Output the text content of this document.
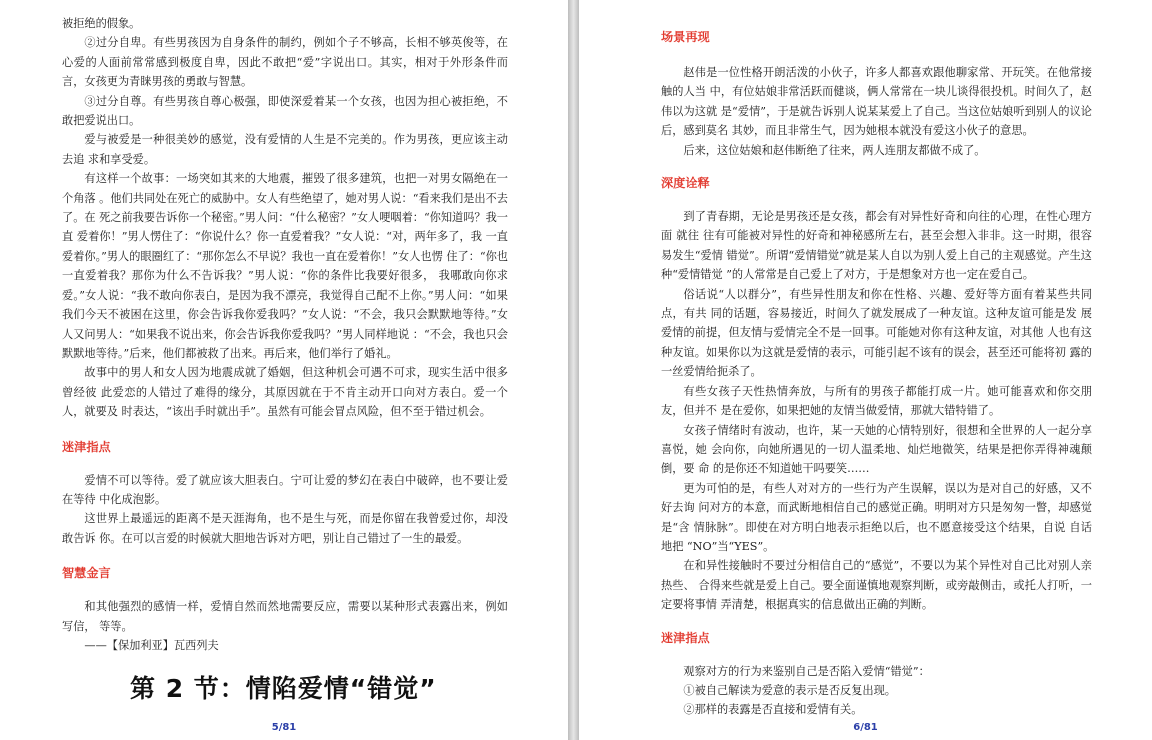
被拒绝的假象。

②过分自卑。有些男孩因为自身条件的制约，例如个子不够高，长相不够英俊等，在 心爱的人面前常常感到极度自卑，因此不敢把“爱”字说出口。其实，相对于外形条件而言，女孩更为青睐男孩的勇敢与智慧。

③过分自尊。有些男孩自尊心极强，即使深爱着某一个女孩，也因为担心被拒绝，不敢把爱说出口。

爱与被爱是一种很美妙的感觉，没有爱情的人生是不完美的。作为男孩，更应该主动去追 求和享受爱。

有这样一个故事：一场突如其来的大地震，摧毁了很多建筑，也把一对男女隔绝在一个角落 。他们共同处在死亡的威胁中。女人有些绝望了，她对男人说：“看来我们是出不去了。在 死之前我要告诉你一个秘密。”男人问：“什么秘密？”女人哽咽着：“你知道吗？我一直 爱着你！”男人愣住了：“你说什么？你一直爱着我？”女人说：“对，两年多了，我 一直爱着你。”男人的眼圈红了：“那你怎么不早说？我也一直在爱着你！”女人也愣 住了：“你也一直爱着我？那你为什么不告诉我？”男人说：“你的条件比我要好很多， 我哪敢向你求爱。”女人说：“我不敢向你表白，是因为我不漂亮，我觉得自己配不上你。”男人问：“如果我们今天不被困在这里，你会告诉我你爱我吗？”女人说：“不会，我只会默默地等待。”女人又问男人：“如果我不说出来，你会告诉我你爱我吗？”男人同样地说 ：“不会，我也只会默默地等待。”后来，他们都被救了出来。再后来，他们举行了婚礼。

故事中的男人和女人因为地震成就了婚姻，但这种机会可遇不可求，现实生活中很多曾经彼 此爱恋的人错过了难得的缘分，其原因就在于不肯主动开口向对方表白。爱一个人，就要及 时表达，“该出手时就出手”。虽然有可能会冒点风险，但不至于错过机会。

迷津指点

爱情不可以等待。爱了就应该大胆表白。宁可让爱的梦幻在表白中破碎，也不要让爱在等待 中化成泡影。

这世界上最遥远的距离不是天涯海角，也不是生与死，而是你留在我曾爱过你，却没敢告诉 你。在可以言爱的时候就大胆地告诉对方吧，别让自己错过了一生的最爱。

智慧金言

和其他强烈的感情一样，爱情自然而然地需要反应，需要以某种形式表露出来，例如写信， 等等。

——【保加利亚】瓦西列夫

第 2 节：情陷爱情“错觉”
5/81
场景再现

赵伟是一位性格开朗活泼的小伙子，许多人都喜欢跟他聊家常、开玩笑。在他常接 触的人当 中，有位姑娘非常活跃而健谈，俩人常常在一块儿谈得很投机。时间久了，赵伟以为这就 是“爱情”，于是就告诉别人说某某爱上了自己。当这位姑娘听到别人的议论后，感到莫名 其妙，而且非常生气，因为她根本就没有爱这小伙子的意思。

后来，这位姑娘和赵伟断绝了往来，两人连朋友都做不成了。

深度诠释

到了青春期，无论是男孩还是女孩，都会有对异性好奇和向往的心理，在性心理方面 就往 往有可能被对异性的好奇和神秘感所左右，甚至会想入非非。这一时期，很容易发生“爱情 错觉”。所谓“爱情错觉”就是某人自以为别人爱上自己的主观感觉。产生这种“爱情错觉 ”的人常常是自己爱上了对方，于是想象对方也一定在爱自己。

俗话说“人以群分”，有些异性朋友和你在性格、兴趣、爱好等方面有着某些共同点，有共 同的话题，容易接近，时间久了就发展成了一种友谊。这种友谊可能是发 展爱情的前提，但友情与爱情完全不是一回事。可能她对你有这种友谊，对其他 人也有这种友谊。如果你以为这就是爱情的表示，可能引起不该有的误会，甚至还可能将初 露的一丝爱情给扼杀了。

有些女孩子天性热情奔放，与所有的男孩子都能打成一片。她可能喜欢和你交朋友，但并不 是在爱你，如果把她的友情当做爱情，那就大错特错了。

女孩子情绪时有波动，也许，某一天她的心情特别好，很想和全世界的人一起分享喜悦，她 会向你，向她所遇见的一切人温柔地、灿烂地微笑，结果是把你弄得神魂颠倒，要 命 的是你还不知道她干吗要笑……

更为可怕的是，有些人对对方的一些行为产生误解，误以为是对自己的好感，又不好去询 问对方的本意，而武断地相信自己的感觉正确。明明对方只是匆匆一瞥，却感觉是“含 情脉脉”。即使在对方明白地表示拒绝以后，也不愿意接受这个结果，自说 自话地把 “NO”当“YES”。

在和异性接触时不要过分相信自己的“感觉”，不要以为某个异性对自己比对别人亲热些、 合得来些就是爱上自己。要全面谨慎地观察判断，或旁敲侧击，或托人打听，一定要将事情 弄清楚，根据真实的信息做出正确的判断。

迷津指点

观察对方的行为来鉴别自己是否陷入爱情“错觉”：

①被自己解读为爱意的表示是否反复出现。

②那样的表露是否直接和爱情有关。

6/81
